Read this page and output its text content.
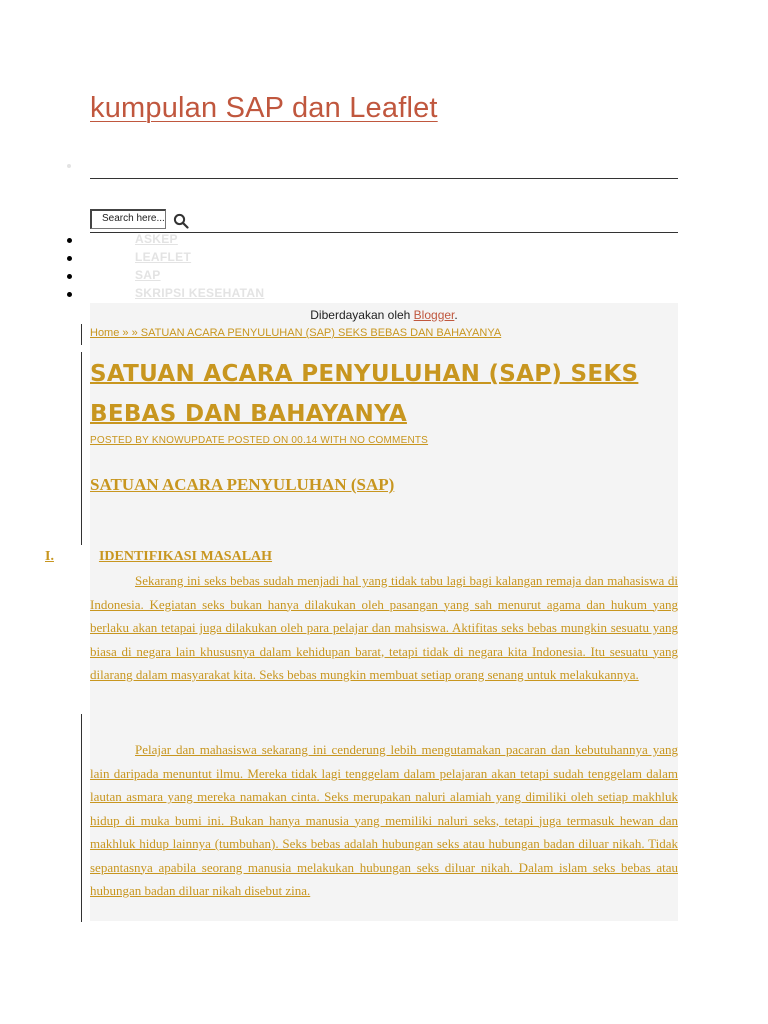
kumpulan SAP dan Leaflet
Search here...
ASKEP
LEAFLET
SAP
SKRIPSI KESEHATAN
Diberdayakan oleh Blogger.
Home » » SATUAN ACARA PENYULUHAN (SAP) SEKS BEBAS DAN BAHAYANYA
SATUAN ACARA PENYULUHAN (SAP) SEKS BEBAS DAN BAHAYANYA
POSTED BY KNOWUPDATE POSTED ON 00.14 WITH NO COMMENTS
SATUAN ACARA PENYULUHAN (SAP)
I.	IDENTIFIKASI MASALAH

Sekarang ini seks bebas sudah menjadi hal yang tidak tabu lagi bagi kalangan remaja dan mahasiswa di Indonesia. Kegiatan seks bukan hanya dilakukan oleh pasangan yang sah menurut agama dan hukum yang berlaku akan tetapai juga dilakukan oleh para pelajar dan mahsiswa. Aktifitas seks bebas mungkin sesuatu yang biasa di negara lain khususnya dalam kehidupan barat, tetapi tidak di negara kita Indonesia. Itu sesuatu yang dilarang dalam masyarakat kita. Seks bebas mungkin membuat setiap orang senang untuk melakukannya.

Pelajar dan mahasiswa sekarang ini cenderung lebih mengutamakan pacaran dan kebutuhannya yang lain daripada menuntut ilmu. Mereka tidak lagi tenggelam dalam pelajaran akan tetapi sudah tenggelam dalam lautan asmara yang mereka namakan cinta. Seks merupakan naluri alamiah yang dimiliki oleh setiap makhluk hidup di muka bumi ini. Bukan hanya manusia yang memiliki naluri seks, tetapi juga termasuk hewan dan makhluk hidup lainnya (tumbuhan). Seks bebas adalah hubungan seks atau hubungan badan diluar nikah. Tidak sepantasnya apabila seorang manusia melakukan hubungan seks diluar nikah. Dalam islam seks bebas atau hubungan badan diluar nikah disebut zina.
